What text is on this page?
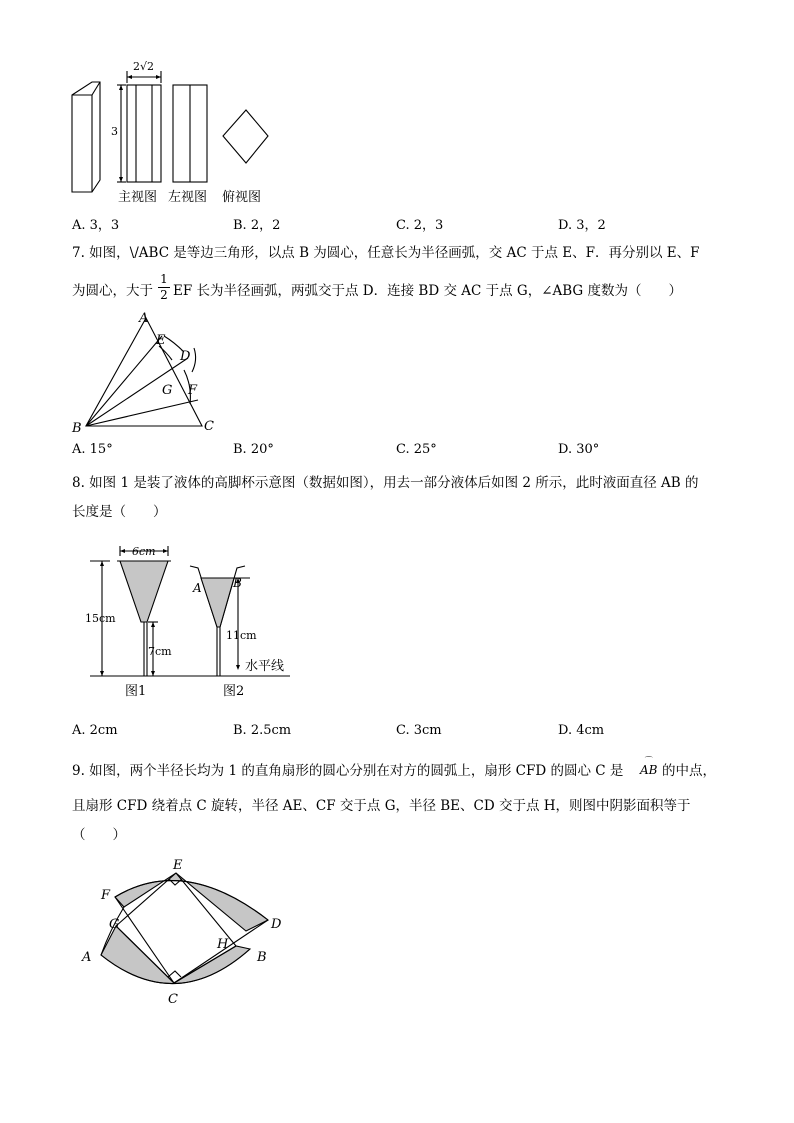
2√2
3
主视图 左视图 俯视图
A. 3，3	B. 2，2	C. 2，3	D. 3，2
7. 如图，\/ABC 是等边三角形，以点 B 为圆心，任意长为半径画弧，交 AC 于点 E、F．再分别以 E、F
为圆心，大于
1
2 EF 长为半径画弧，两弧交于点 D．连接 BD 交 AC 于点 G，∠ABG 度数为（　　）
A
E
D
G F
B	C
A. 15°	B. 20°	C. 25°	D. 30°
8. 如图 1 是装了液体的高脚杯示意图（数据如图），用去一部分液体后如图 2 所示，此时液面直径 AB 的
长度是（　　）
6cm
15cm
7cm
A	B
11cm
水平线
图1	图2
A. 2cm	B. 2.5cm	C. 3cm	D. 4cm
9. 如图，两个半径长均为 1 的直角扇形的圆心分别在对方的圆弧上，扇形 CFD 的圆心 C 是
⌒
AB 的中点，
且扇形 CFD 绕着点 C 旋转，半径 AE、CF 交于点 G，半径 BE、CD 交于点 H，则图中阴影面积等于
（　　）
E
F
G	D
H
A	B
C
